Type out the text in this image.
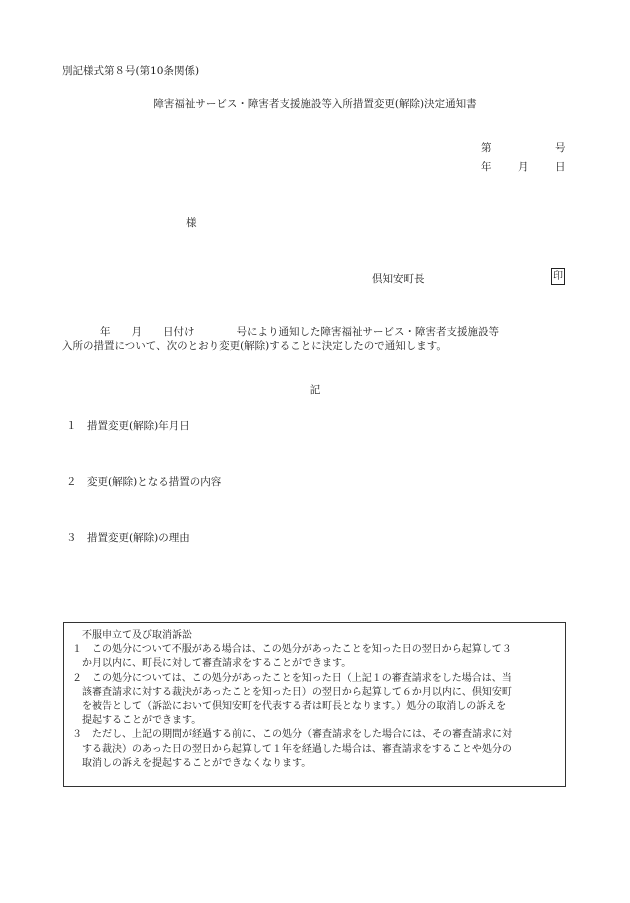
別記様式第８号(第10条関係)
障害福祉サービス・障害者支援施設等入所措置変更(解除)決定通知書
第	号
年	月	日
様
倶知安町長	印
年　　月　　日付け　　　　号により通知した障害福祉サービス・障害者支援施設等
入所の措置について、次のとおり変更(解除)することに決定したので通知します。
記
１ 措置変更(解除)年月日
２ 変更(解除)となる措置の内容
３ 措置変更(解除)の理由
不服申立て及び取消訴訟
１　この処分について不服がある場合は、この処分があったことを知った日の翌日から起算して３
　か月以内に、町長に対して審査請求をすることができます。
２　この処分については、この処分があったことを知った日（上記１の審査請求をした場合は、当
　該審査請求に対する裁決があったことを知った日）の翌日から起算して６か月以内に、倶知安町
　を被告として（訴訟において倶知安町を代表する者は町長となります。）処分の取消しの訴えを
　提起することができます。
３　ただし、上記の期間が経過する前に、この処分（審査請求をした場合には、その審査請求に対
　する裁決）のあった日の翌日から起算して１年を経過した場合は、審査請求をすることや処分の
　取消しの訴えを提起することができなくなります。
